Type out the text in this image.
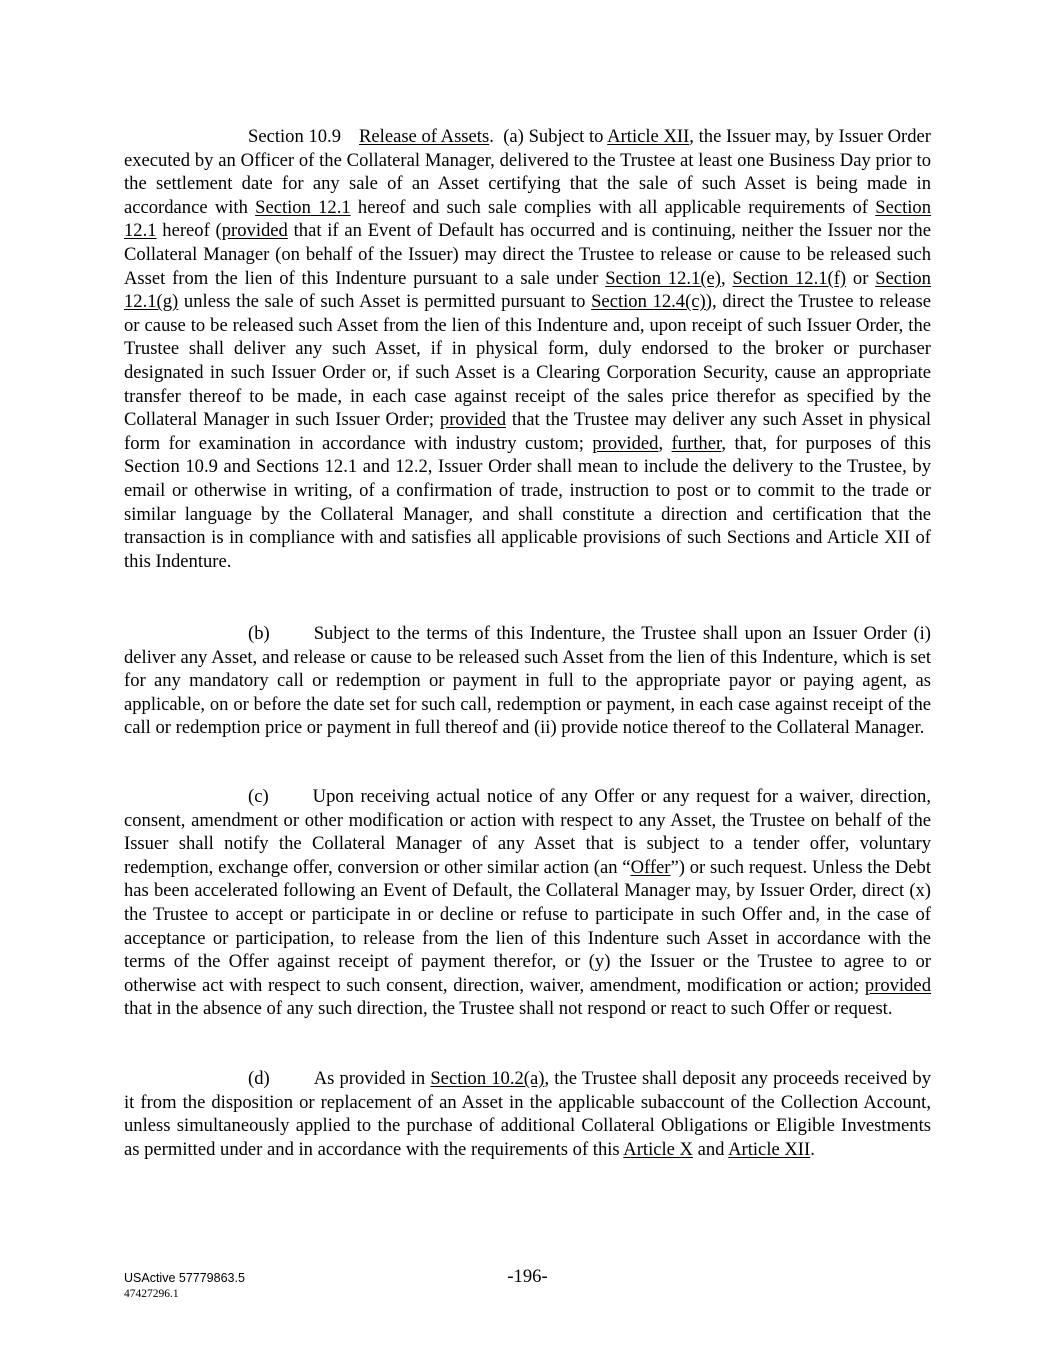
Section 10.9 Release of Assets.  (a) Subject to Article XII, the Issuer may, by Issuer Order executed by an Officer of the Collateral Manager, delivered to the Trustee at least one Business Day prior to the settlement date for any sale of an Asset certifying that the sale of such Asset is being made in accordance with Section 12.1 hereof and such sale complies with all applicable requirements of Section 12.1 hereof (provided that if an Event of Default has occurred and is continuing, neither the Issuer nor the Collateral Manager (on behalf of the Issuer) may direct the Trustee to release or cause to be released such Asset from the lien of this Indenture pursuant to a sale under Section 12.1(e), Section 12.1(f) or Section 12.1(g) unless the sale of such Asset is permitted pursuant to Section 12.4(c)), direct the Trustee to release or cause to be released such Asset from the lien of this Indenture and, upon receipt of such Issuer Order, the Trustee shall deliver any such Asset, if in physical form, duly endorsed to the broker or purchaser designated in such Issuer Order or, if such Asset is a Clearing Corporation Security, cause an appropriate transfer thereof to be made, in each case against receipt of the sales price therefor as specified by the Collateral Manager in such Issuer Order; provided that the Trustee may deliver any such Asset in physical form for examination in accordance with industry custom; provided, further, that, for purposes of this Section 10.9 and Sections 12.1 and 12.2, Issuer Order shall mean to include the delivery to the Trustee, by email or otherwise in writing, of a confirmation of trade, instruction to post or to commit to the trade or similar language by the Collateral Manager, and shall constitute a direction and certification that the transaction is in compliance with and satisfies all applicable provisions of such Sections and Article XII of this Indenture.

(b) Subject to the terms of this Indenture, the Trustee shall upon an Issuer Order (i) deliver any Asset, and release or cause to be released such Asset from the lien of this Indenture, which is set for any mandatory call or redemption or payment in full to the appropriate payor or paying agent, as applicable, on or before the date set for such call, redemption or payment, in each case against receipt of the call or redemption price or payment in full thereof and (ii) provide notice thereof to the Collateral Manager.

(c) Upon receiving actual notice of any Offer or any request for a waiver, direction, consent, amendment or other modification or action with respect to any Asset, the Trustee on behalf of the Issuer shall notify the Collateral Manager of any Asset that is subject to a tender offer, voluntary redemption, exchange offer, conversion or other similar action (an “Offer”) or such request. Unless the Debt has been accelerated following an Event of Default, the Collateral Manager may, by Issuer Order, direct (x) the Trustee to accept or participate in or decline or refuse to participate in such Offer and, in the case of acceptance or participation, to release from the lien of this Indenture such Asset in accordance with the terms of the Offer against receipt of payment therefor, or (y) the Issuer or the Trustee to agree to or otherwise act with respect to such consent, direction, waiver, amendment, modification or action; provided that in the absence of any such direction, the Trustee shall not respond or react to such Offer or request.

(d) As provided in Section 10.2(a), the Trustee shall deposit any proceeds received by it from the disposition or replacement of an Asset in the applicable subaccount of the Collection Account, unless simultaneously applied to the purchase of additional Collateral Obligations or Eligible Investments as permitted under and in accordance with the requirements of this Article X and Article XII.

USActive 57779863.5
47427296.1
-196-
